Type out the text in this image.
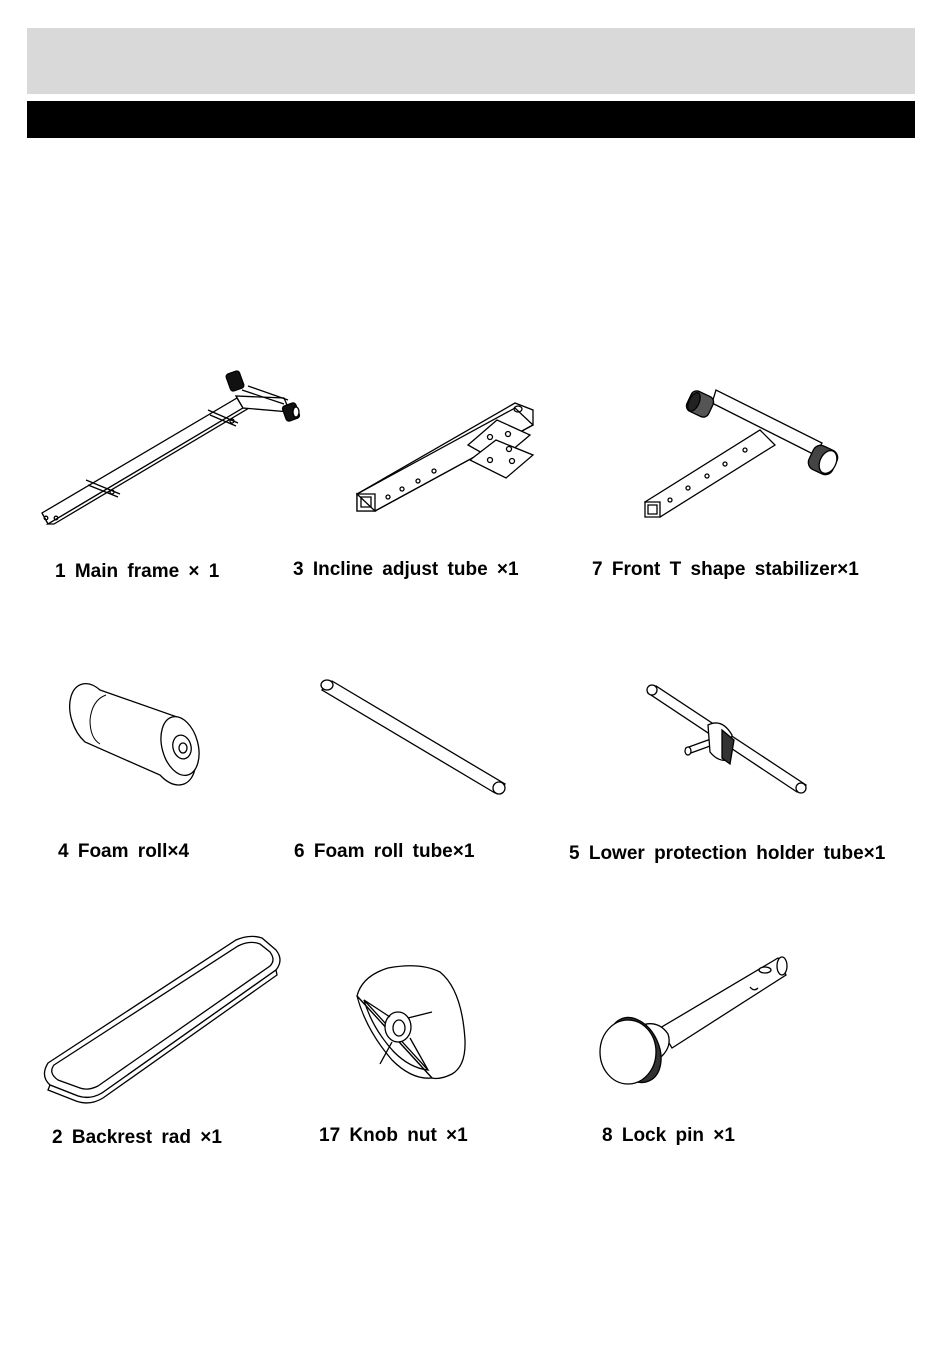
1 Main frame × 1	3 Incline adjust tube ×1	7 Front T shape stabilizer×1
4 Foam roll×4	6 Foam roll tube×1	5 Lower protection holder tube×1
2 Backrest rad ×1	17 Knob nut ×1	8 Lock pin ×1
